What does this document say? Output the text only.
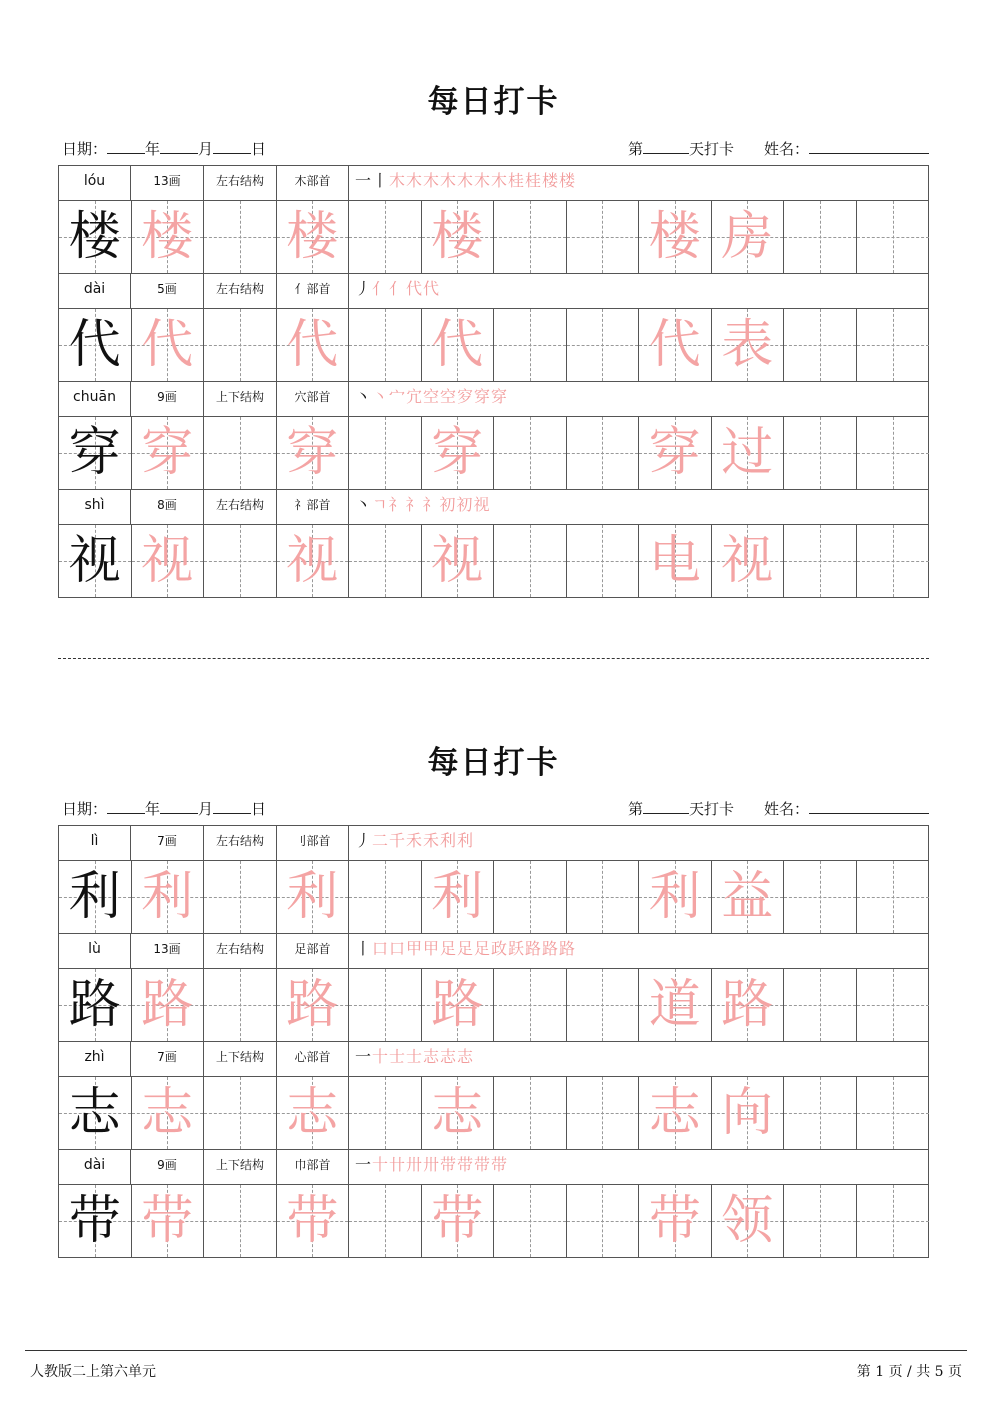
每日打卡
日期：	年	月	日	第	天打卡 姓名：
lóu	13画	左右结构	木部首	一丨木木木木木木木桂桂楼楼
楼 楼 楼 楼	楼 房
dài	5画	左右结构	亻部首	丿亻亻代代
代 代 代 代	代 表
chuān	9画	上下结构	穴部首	丶丶宀宂空空穸穿穿
穿 穿 穿 穿	穿 过
shì	8画	左右结构	礻部首	丶ㄱ礻礻礻初初视
视 视 视 视	电 视
每日打卡
日期：	年	月	日	第	天打卡 姓名：
lì	7画	左右结构	刂部首	丿二千禾禾利利
利 利 利 利	利 益
lù	13画	左右结构	足部首	丨口口甲甲足足足政跃路路路
路 路 路 路	道 路
zhì	7画	上下结构	心部首	一十士士志志志
志 志 志 志	志 向
dài	9画	上下结构	巾部首	一十卄卅卅带带带带
带 带 带 带	带 领
人教版二上第六单元	第 1 页 / 共 5 页
